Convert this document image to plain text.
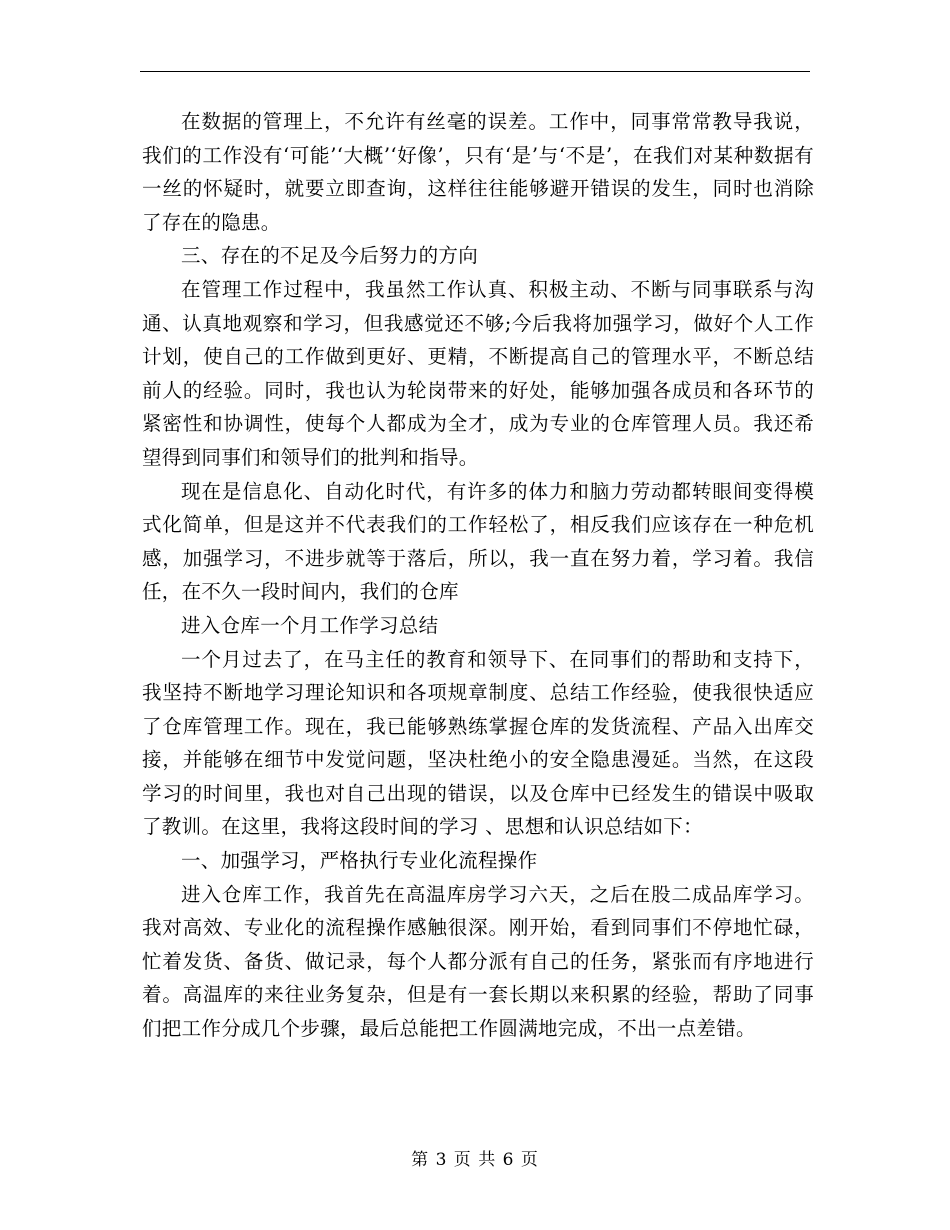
在数据的管理上，不允许有丝毫的误差。工作中，同事常常教导我说，我们的工作没有‘可能’‘大概’‘好像’，只有‘是’与‘不是’，在我们对某种数据有一丝的怀疑时，就要立即查询，这样往往能够避开错误的发生，同时也消除了存在的隐患。

三、存在的不足及今后努力的方向

在管理工作过程中，我虽然工作认真、积极主动、不断与同事联系与沟通、认真地观察和学习，但我感觉还不够;今后我将加强学习，做好个人工作计划，使自己的工作做到更好、更精，不断提高自己的管理水平，不断总结前人的经验。同时，我也认为轮岗带来的好处，能够加强各成员和各环节的紧密性和协调性，使每个人都成为全才，成为专业的仓库管理人员。我还希望得到同事们和领导们的批判和指导。

现在是信息化、自动化时代，有许多的体力和脑力劳动都转眼间变得模式化简单，但是这并不代表我们的工作轻松了，相反我们应该存在一种危机感，加强学习，不进步就等于落后，所以，我一直在努力着，学习着。我信任，在不久一段时间内，我们的仓库

进入仓库一个月工作学习总结

一个月过去了，在马主任的教育和领导下、在同事们的帮助和支持下，我坚持不断地学习理论知识和各项规章制度、总结工作经验，使我很快适应了仓库管理工作。现在，我已能够熟练掌握仓库的发货流程、产品入出库交接，并能够在细节中发觉问题，坚决杜绝小的安全隐患漫延。当然，在这段学习的时间里，我也对自己出现的错误，以及仓库中已经发生的错误中吸取了教训。在这里，我将这段时间的学习 、思想和认识总结如下：

一、加强学习，严格执行专业化流程操作

进入仓库工作，我首先在高温库房学习六天，之后在股二成品库学习。我对高效、专业化的流程操作感触很深。刚开始，看到同事们不停地忙碌，忙着发货、备货、做记录，每个人都分派有自己的任务，紧张而有序地进行着。高温库的来往业务复杂，但是有一套长期以来积累的经验，帮助了同事们把工作分成几个步骤，最后总能把工作圆满地完成，不出一点差错。

第 3 页 共 6 页
